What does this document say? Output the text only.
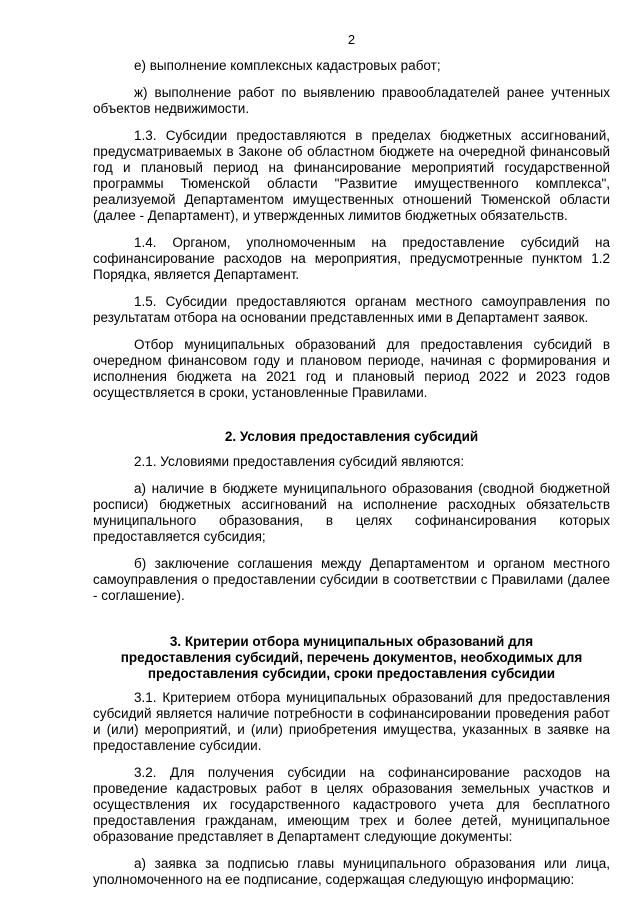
2

е) выполнение комплексных кадастровых работ;

ж) выполнение работ по выявлению правообладателей ранее учтенных объектов недвижимости.

1.3. Субсидии предоставляются в пределах бюджетных ассигнований, предусматриваемых в Законе об областном бюджете на очередной финансовый год и плановый период на финансирование мероприятий государственной программы Тюменской области "Развитие имущественного комплекса", реализуемой Департаментом имущественных отношений Тюменской области (далее - Департамент), и утвержденных лимитов бюджетных обязательств.

1.4. Органом, уполномоченным на предоставление субсидий на софинансирование расходов на мероприятия, предусмотренные пунктом 1.2 Порядка, является Департамент.

1.5. Субсидии предоставляются органам местного самоуправления по результатам отбора на основании представленных ими в Департамент заявок.

Отбор муниципальных образований для предоставления субсидий в очередном финансовом году и плановом периоде, начиная с формирования и исполнения бюджета на 2021 год и плановый период 2022 и 2023 годов осуществляется в сроки, установленные Правилами.

2. Условия предоставления субсидий

2.1. Условиями предоставления субсидий являются:

а) наличие в бюджете муниципального образования (сводной бюджетной росписи) бюджетных ассигнований на исполнение расходных обязательств муниципального образования, в целях софинансирования которых предоставляется субсидия;

б) заключение соглашения между Департаментом и органом местного самоуправления о предоставлении субсидии в соответствии с Правилами (далее - соглашение).

3. Критерии отбора муниципальных образований для
предоставления субсидий, перечень документов, необходимых для
предоставления субсидии, сроки предоставления субсидии

3.1. Критерием отбора муниципальных образований для предоставления субсидий является наличие потребности в софинансировании проведения работ и (или) мероприятий, и (или) приобретения имущества, указанных в заявке на предоставление субсидии.

3.2. Для получения субсидии на софинансирование расходов на проведение кадастровых работ в целях образования земельных участков и осуществления их государственного кадастрового учета для бесплатного предоставления гражданам, имеющим трех и более детей, муниципальное образование представляет в Департамент следующие документы:

а) заявка за подписью главы муниципального образования или лица, уполномоченного на ее подписание, содержащая следующую информацию:
